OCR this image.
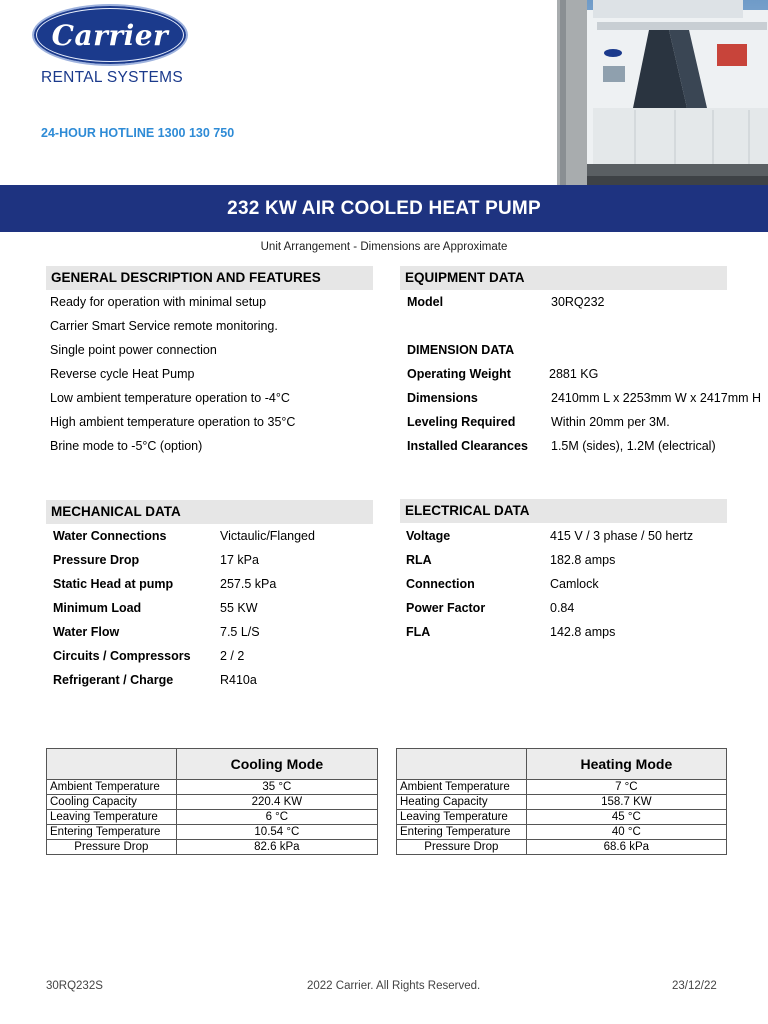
Carrier
RENTAL SYSTEMS
24-HOUR HOTLINE 1300 130 750
232 KW AIR COOLED HEAT PUMP
Unit Arrangement - Dimensions are Approximate
GENERAL DESCRIPTION AND FEATURES
Ready for operation with minimal setup
Carrier Smart Service remote monitoring.
Single point power connection
Reverse cycle Heat Pump
Low ambient temperature operation to -4°C
High ambient temperature operation to 35°C
Brine mode to -5°C (option)
EQUIPMENT DATA
Model	30RQ232
DIMENSION DATA
Operating Weight	2881 KG
Dimensions	2410mm L x 2253mm W x 2417mm H
Leveling Required	Within 20mm per 3M.
Installed Clearances 1.5M (sides), 1.2M (electrical)
MECHANICAL DATA
Water Connections	Victaulic/Flanged
Pressure Drop	17 kPa
Static Head at pump	257.5 kPa
Minimum Load	55 KW
Water Flow	7.5 L/S
Circuits / Compressors 2 / 2
Refrigerant / Charge	R410a
ELECTRICAL DATA
Voltage	415 V / 3 phase / 50 hertz
RLA	182.8 amps
Connection	Camlock
Power Factor	0.84
FLA	142.8 amps
	Cooling Mode
Ambient Temperature	35 °C
Cooling Capacity	220.4 KW
Leaving Temperature	6 °C
Entering Temperature	10.54 °C
Pressure Drop	82.6 kPa
	Heating Mode
Ambient Temperature	7 °C
Heating Capacity	158.7 KW
Leaving Temperature	45 °C
Entering Temperature	40 °C
Pressure Drop	68.6 kPa
30RQ232S	2022 Carrier. All Rights Reserved.	23/12/22
